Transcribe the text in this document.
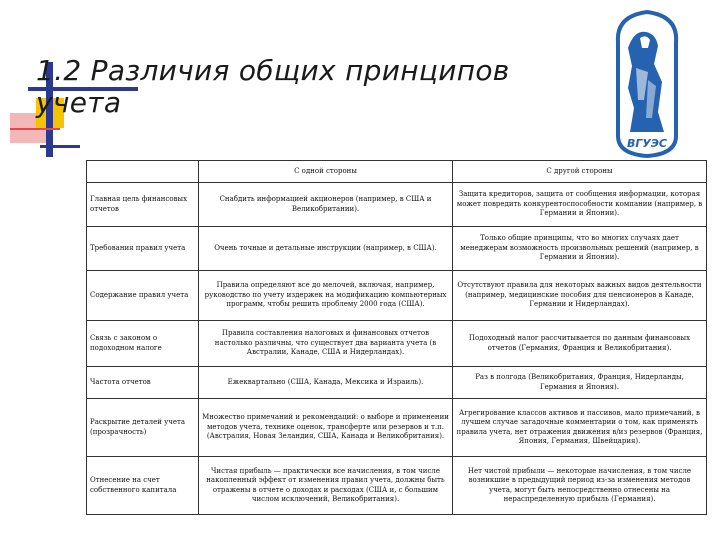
1.2 Различия общих принципов учета
ВГУЭС
	С одной стороны	С другой стороны
Главная цель финансовых отчетов	Снабдить информацией акционеров (например, в США и Великобритании).	Защита кредиторов, защита от сообщения информации, которая может повредить конкурентоспособности компании (например, в Германии и Японии).
Требования правил учета	Очень точные и детальные инструкции (например, в США).	Только общие принципы, что во многих случаях дает менеджерам возможность произвольных решений (например, в Германии и Японии).
Содержание правил учета	Правила определяют все до мелочей, включая, например, руководство по учету издержек на модификацию компьютерных программ, чтобы решить проблему 2000 года (США).	Отсутствуют правила для некоторых важных видов деятельности (например, медицинские пособия для пенсионеров в Канаде, Германии и Нидерландах).
Связь с законом о подоходном налоге	Правила составления налоговых и финансовых отчетов настолько различны, что существует два варианта учета (в Австралии, Канаде, США и Нидерландах).	Подоходный налог рассчитывается по данным финансовых отчетов (Германия, Франция и Великобритания).
Частота отчетов	Ежеквартально (США, Канада, Мексика и Израиль).	Раз в полгода (Великобритания, Франция, Нидерланды, Германия и Япония).
Раскрытие деталей учета (прозрачность)	Множество примечаний и рекомендаций: о выборе и применении методов учета, технике оценок, трансферте или резервов и т.п. (Австралия, Новая Зеландия, США, Канада и Великобритания).	Агрегирование классов активов и пассивов, мало примечаний, в лучшем случае загадочные комментарии о том, как применять правила учета, нет отражения движения в/из резервов (Франция, Япония, Германия, Швейцария).
Отнесение на счет собственного капитала	Чистая прибыль — практически все начисления, в том числе накопленный эффект от изменения правил учета, должны быть отражены в отчете о доходах и расходах (США и, с большим числом исключений, Великобритания).	Нет чистой прибыли — некоторые начисления, в том числе возникшие в предыдущий период из-за изменения методов учета, могут быть непосредственно отнесены на нераспределенную прибыль (Германия).
